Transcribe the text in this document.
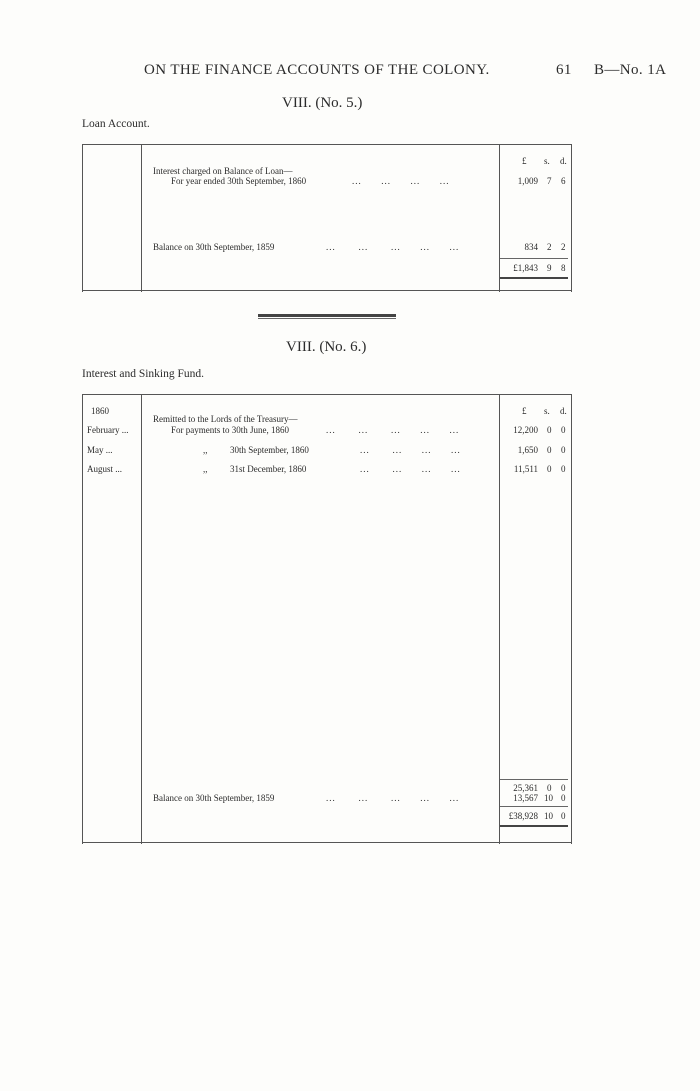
ON THE FINANCE ACCOUNTS OF THE COLONY.	61 B—No. 1A
VIII. (No. 5.)
Loan Account.
£ s. d.
Interest charged on Balance of Loan—
For year ended 30th September, 1860	...      ...      ...      ...	1,009 7 6
Balance on 30th September, 1859	...       ...       ...      ...      ...	834 2 2
£1,843 9 8
VIII. (No. 6.)
Interest and Sinking Fund.
1860	£ s. d.
Remitted to the Lords of the Treasury—
February ...	For payments to 30th June, 1860	...       ...       ...      ...      ...	12,200 0 0
May ...	,,          30th September, 1860	...       ...      ...      ...	1,650 0 0
August ...	,,          31st December, 1860	...       ...      ...      ...	11,511 0 0
25,361 0 0
Balance on 30th September, 1859	...       ...       ...      ...      ...	13,567 10 0
£38,928 10 0
